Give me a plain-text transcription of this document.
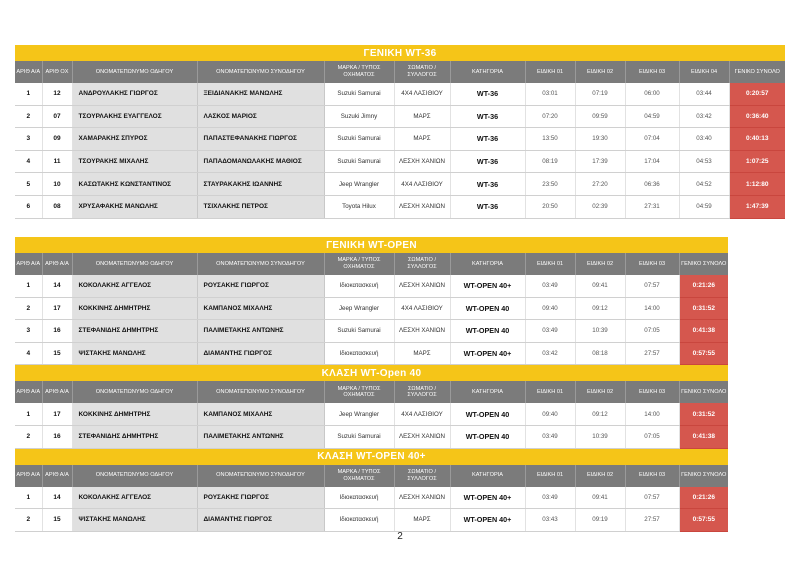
ΓΕΝΙΚΗ WT-36											
ΑΡΙΘ Α/Α	ΑΡΙΘ ΟΧ	ΟΝΟΜΑΤΕΠΩΝΥΜΟ ΟΔΗΓΟΥ	ΟΝΟΜΑΤΕΠΩΝΥΜΟ ΣΥΝΟΔΗΓΟΥ	ΜΑΡΚΑ / ΤΥΠΟΣ ΟΧΗΜΑΤΟΣ	ΣΩΜΑΤΙΟ / ΣΥΛΛΟΓΟΣ	ΚΑΤΗΓΟΡΙΑ	ΕΙΔΙΚΗ 01	ΕΙΔΙΚΗ 02	ΕΙΔΙΚΗ 03	ΕΙΔΙΚΗ 04	ΓΕΝΙΚΟ ΣΥΝΟΛΟ
1	12	ΑΝΔΡΟΥΛΑΚΗΣ ΓΙΩΡΓΟΣ	ΞΕΙΔΙΑΝΑΚΗΣ ΜΑΝΩΛΗΣ	Suzuki Samurai	4Χ4 ΛΑΣΙΘΙΟΥ	WT-36	03:01	07:19	06:00	03:44	0:20:57
2	07	ΤΣΟΥΡΛΑΚΗΣ ΕΥΑΓΓΕΛΟΣ	ΛΑΣΚΟΣ ΜΑΡΙΟΣ	Suzuki Jimny	ΜΑΡΣ	WT-36	07:20	09:59	04:59	03:42	0:36:40
3	09	ΧΑΜΑΡΑΚΗΣ ΣΠΥΡΟΣ	ΠΑΠΑΣΤΕΦΑΝΑΚΗΣ ΓΙΩΡΓΟΣ	Suzuki Samurai	ΜΑΡΣ	WT-36	13:50	19:30	07:04	03:40	0:40:13
4	11	ΤΣΟΥΡΑΚΗΣ ΜΙΧΑΛΗΣ	ΠΑΠΑΔΟΜΑΝΩΛΑΚΗΣ ΜΑΘΙΟΣ	Suzuki Samurai	ΛΕΣΧΗ ΧΑΝΙΩΝ	WT-36	08:19	17:39	17:04	04:53	1:07:25
5	10	ΚΑΣΩΤΑΚΗΣ ΚΩΝΣΤΑΝΤΙΝΟΣ	ΣΤΑΥΡΑΚΑΚΗΣ ΙΩΑΝΝΗΣ	Jeep Wrangler	4Χ4 ΛΑΣΙΘΙΟΥ	WT-36	23:50	27:20	06:36	04:52	1:12:80
6	08	ΧΡΥΣΑΦΑΚΗΣ ΜΑΝΩΛΗΣ	ΤΣΙΧΛΑΚΗΣ ΠΕΤΡΟΣ	Toyota Hilux	ΛΕΣΧΗ ΧΑΝΙΩΝ	WT-36	20:50	02:39	27:31	04:59	1:47:39
ΓΕΝΙΚΗ WT-OPEN										
ΑΡΙΘ Α/Α	ΑΡΙΘ Α/Α	ΟΝΟΜΑΤΕΠΩΝΥΜΟ ΟΔΗΓΟΥ	ΟΝΟΜΑΤΕΠΩΝΥΜΟ ΣΥΝΟΔΗΓΟΥ	ΜΑΡΚΑ / ΤΥΠΟΣ ΟΧΗΜΑΤΟΣ	ΣΩΜΑΤΙΟ / ΣΥΛΛΟΓΟΣ	ΚΑΤΗΓΟΡΙΑ	ΕΙΔΙΚΗ 01	ΕΙΔΙΚΗ 02	ΕΙΔΙΚΗ 03	ΓΕΝΙΚΟ ΣΥΝΟΛΟ
1	14	ΚΟΚΟΛΑΚΗΣ ΑΓΓΕΛΟΣ	ΡΟΥΣΑΚΗΣ ΓΙΩΡΓΟΣ	Ιδιοκατασκευή	ΛΕΣΧΗ ΧΑΝΙΩΝ	WT-OPEN 40+	03:49	09:41	07:57	0:21:26
2	17	ΚΟΚΚΙΝΗΣ ΔΗΜΗΤΡΗΣ	ΚΑΜΠΑΝΟΣ ΜΙΧΑΛΗΣ	Jeep Wrangler	4Χ4 ΛΑΣΙΘΙΟΥ	WT-OPEN 40	09:40	09:12	14:00	0:31:52
3	16	ΣΤΕΦΑΝΙΔΗΣ ΔΗΜΗΤΡΗΣ	ΠΑΛΙΜΕΤΑΚΗΣ ΑΝΤΩΝΗΣ	Suzuki Samurai	ΛΕΣΧΗ ΧΑΝΙΩΝ	WT-OPEN 40	03:49	10:39	07:05	0:41:38
4	15	ΨΙΣΤΑΚΗΣ ΜΑΝΩΛΗΣ	ΔΙΑΜΑΝΤΗΣ ΓΙΩΡΓΟΣ	Ιδιοκατασκευή	ΜΑΡΣ	WT-OPEN 40+	03:42	08:18	27:57	0:57:55
ΚΛΑΣΗ WT-Open 40										
ΑΡΙΘ Α/Α	ΑΡΙΘ Α/Α	ΟΝΟΜΑΤΕΠΩΝΥΜΟ ΟΔΗΓΟΥ	ΟΝΟΜΑΤΕΠΩΝΥΜΟ ΣΥΝΟΔΗΓΟΥ	ΜΑΡΚΑ / ΤΥΠΟΣ ΟΧΗΜΑΤΟΣ	ΣΩΜΑΤΙΟ / ΣΥΛΛΟΓΟΣ	ΚΑΤΗΓΟΡΙΑ	ΕΙΔΙΚΗ 01	ΕΙΔΙΚΗ 02	ΕΙΔΙΚΗ 03	ΓΕΝΙΚΟ ΣΥΝΟΛΟ
1	17	ΚΟΚΚΙΝΗΣ ΔΗΜΗΤΡΗΣ	ΚΑΜΠΑΝΟΣ ΜΙΧΑΛΗΣ	Jeep Wrangler	4Χ4 ΛΑΣΙΘΙΟΥ	WT-OPEN 40	09:40	09:12	14:00	0:31:52
2	16	ΣΤΕΦΑΝΙΔΗΣ ΔΗΜΗΤΡΗΣ	ΠΑΛΙΜΕΤΑΚΗΣ ΑΝΤΩΝΗΣ	Suzuki Samurai	ΛΕΣΧΗ ΧΑΝΙΩΝ	WT-OPEN 40	03:49	10:39	07:05	0:41:38
ΚΛΑΣΗ WT-OPEN 40+										
ΑΡΙΘ Α/Α	ΑΡΙΘ Α/Α	ΟΝΟΜΑΤΕΠΩΝΥΜΟ ΟΔΗΓΟΥ	ΟΝΟΜΑΤΕΠΩΝΥΜΟ ΣΥΝΟΔΗΓΟΥ	ΜΑΡΚΑ / ΤΥΠΟΣ ΟΧΗΜΑΤΟΣ	ΣΩΜΑΤΙΟ / ΣΥΛΛΟΓΟΣ	ΚΑΤΗΓΟΡΙΑ	ΕΙΔΙΚΗ 01	ΕΙΔΙΚΗ 02	ΕΙΔΙΚΗ 03	ΓΕΝΙΚΟ ΣΥΝΟΛΟ
1	14	ΚΟΚΟΛΑΚΗΣ ΑΓΓΕΛΟΣ	ΡΟΥΣΑΚΗΣ ΓΙΩΡΓΟΣ	Ιδιοκατασκευή	ΛΕΣΧΗ ΧΑΝΙΩΝ	WT-OPEN 40+	03:49	09:41	07:57	0:21:26
2	15	ΨΙΣΤΑΚΗΣ ΜΑΝΩΛΗΣ	ΔΙΑΜΑΝΤΗΣ ΓΙΩΡΓΟΣ	Ιδιοκατασκευή	ΜΑΡΣ	WT-OPEN 40+	03:43	09:19	27:57	0:57:55
2
